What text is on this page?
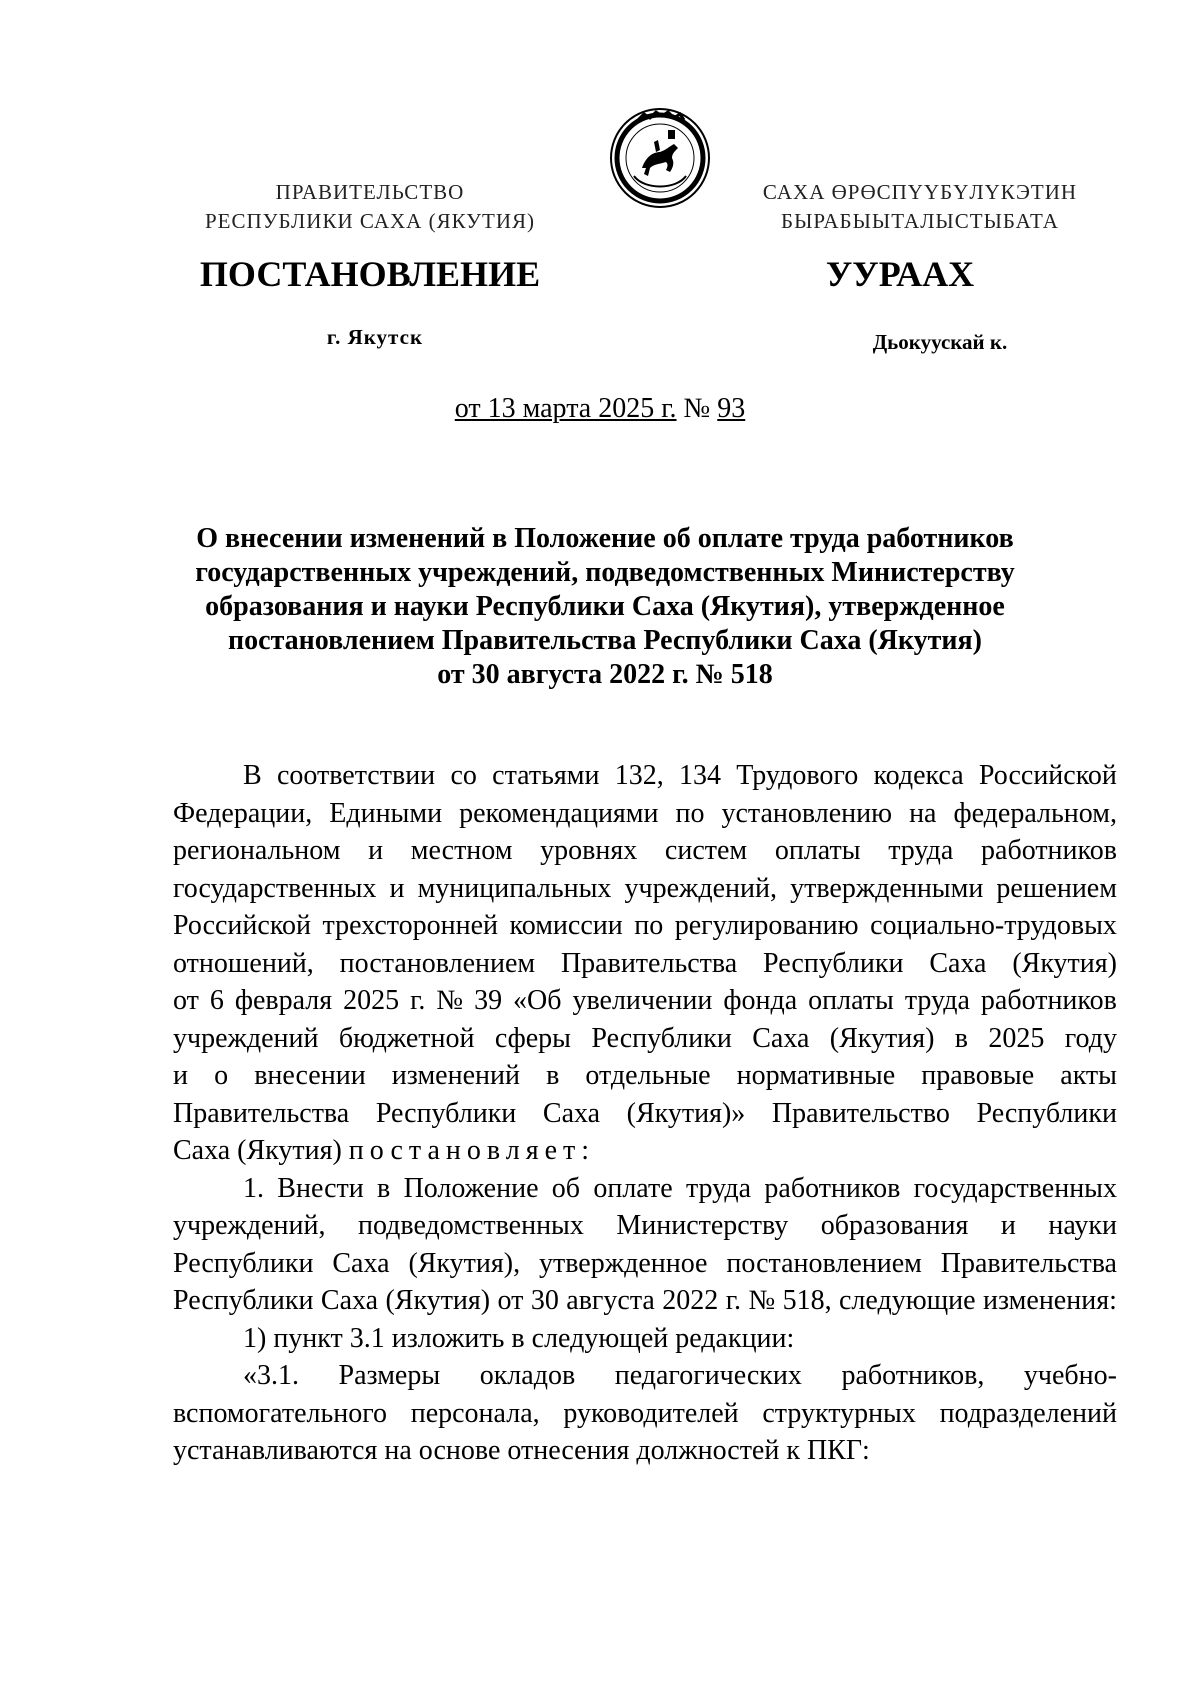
ПРАВИТЕЛЬСТВО
РЕСПУБЛИКИ САХА (ЯКУТИЯ)
САХА ӨРӨСПҮҮБҮЛҮКЭТИН
БЫРАБЫЫТАЛЫСТЫБАТА
ПОСТАНОВЛЕНИЕ	УУРААХ
г. Якутск	Дьокуускай к.
от 13 марта 2025 г. № 93
О внесении изменений в Положение об оплате труда работников
государственных учреждений, подведомственных Министерству
образования и науки Республики Саха (Якутия), утвержденное
постановлением Правительства Республики Саха (Якутия)
от 30 августа 2022 г. № 518
В соответствии со статьями 132, 134 Трудового кодекса Российской
Федерации, Едиными рекомендациями по установлению на федеральном,
региональном и местном уровнях систем оплаты труда работников
государственных и муниципальных учреждений, утвержденными решением
Российской трехсторонней комиссии по регулированию социально-трудовых
отношений, постановлением Правительства Республики Саха (Якутия)
от 6 февраля 2025 г. № 39 «Об увеличении фонда оплаты труда работников
учреждений бюджетной сферы Республики Саха (Якутия) в 2025 году
и о внесении изменений в отдельные нормативные правовые акты
Правительства Республики Саха (Якутия)» Правительство Республики
Саха (Якутия) постановляет:
1. Внести в Положение об оплате труда работников государственных
учреждений, подведомственных Министерству образования и науки
Республики Саха (Якутия), утвержденное постановлением Правительства
Республики Саха (Якутия) от 30 августа 2022 г. № 518, следующие изменения:
1) пункт 3.1 изложить в следующей редакции:
«3.1. Размеры окладов педагогических работников, учебно-
вспомогательного персонала, руководителей структурных подразделений
устанавливаются на основе отнесения должностей к ПКГ:
